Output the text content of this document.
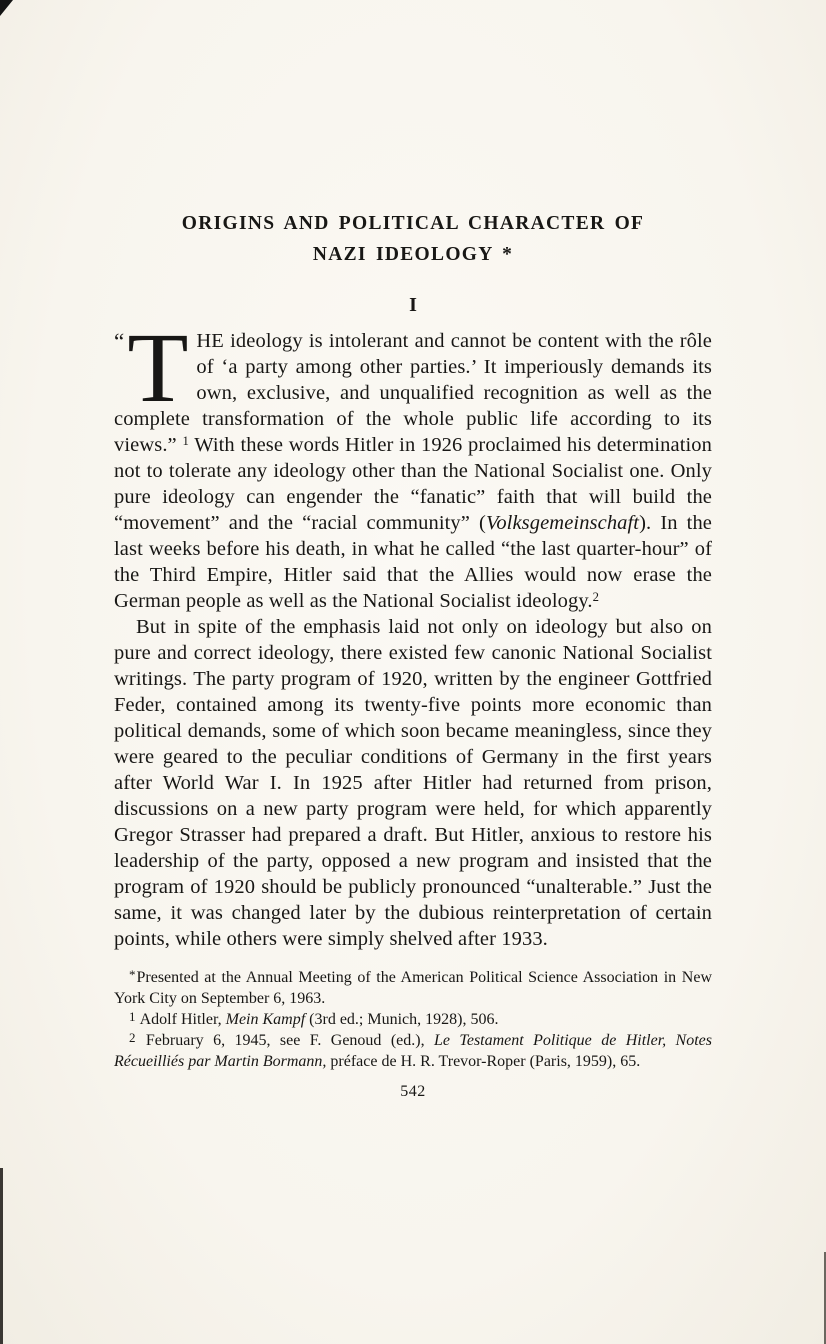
ORIGINS AND POLITICAL CHARACTER OF
NAZI IDEOLOGY *
I

“T HE ideology is intolerant and cannot be content with the rôle of ‘a party among other parties.’ It imperiously demands its own, exclusive, and unqualified recognition as well as the complete transformation of the whole public life according to its views.” $^1$ With these words Hitler in 1926 proclaimed his determination not to tolerate any ideology other than the National Socialist one. Only pure ideology can engender the “fanatic” faith that will build the “movement” and the “racial community” (Volksgemeinschaft). In the last weeks before his death, in what he called “the last quarter-hour” of the Third Empire, Hitler said that the Allies would now erase the German people as well as the National Socialist ideology.$^2$

But in spite of the emphasis laid not only on ideology but also on pure and correct ideology, there existed few canonic National Socialist writings. The party program of 1920, written by the engineer Gottfried Feder, contained among its twenty-five points more economic than political demands, some of which soon became meaningless, since they were geared to the peculiar conditions of Germany in the first years after World War I. In 1925 after Hitler had returned from prison, discussions on a new party program were held, for which apparently Gregor Strasser had prepared a draft. But Hitler, anxious to restore his leadership of the party, opposed a new program and insisted that the program of 1920 should be publicly pronounced “unalterable.” Just the same, it was changed later by the dubious reinterpretation of certain points, while others were simply shelved after 1933.

*Presented at the Annual Meeting of the American Political Science Association in New York City on September 6, 1963.

1 Adolf Hitler, Mein Kampf (3rd ed.; Munich, 1928), 506.

2 February 6, 1945, see F. Genoud (ed.), Le Testament Politique de Hitler, Notes Récueilliés par Martin Bormann, préface de H. R. Trevor-Roper (Paris, 1959), 65.

542
